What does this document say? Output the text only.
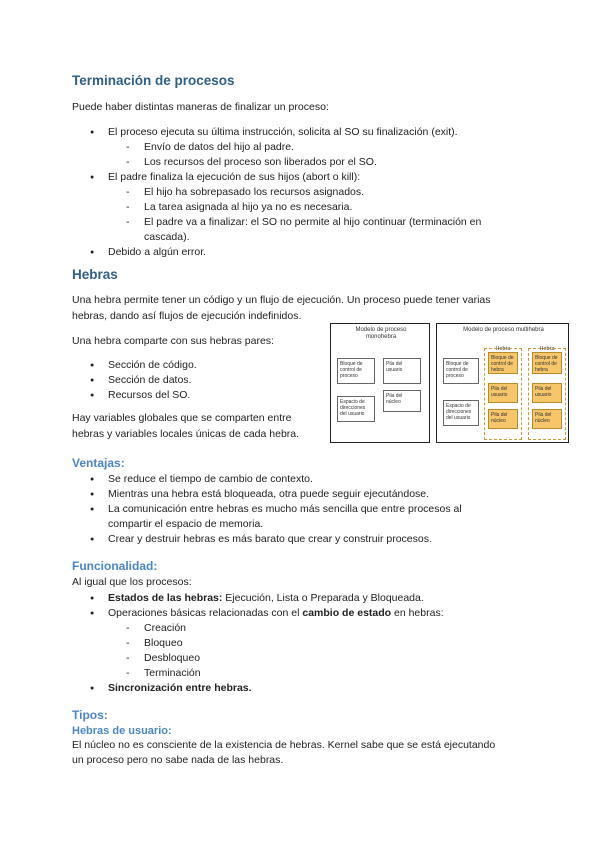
Terminación de procesos
Puede haber distintas maneras de finalizar un proceso:
● El proceso ejecuta su última instrucción, solicita al SO su finalización (exit).
- Envío de datos del hijo al padre.
- Los recursos del proceso son liberados por el SO.
● El padre finaliza la ejecución de sus hijos (abort o kill):
- El hijo ha sobrepasado los recursos asignados.
- La tarea asignada al hijo ya no es necesaria.
- El padre va a finalizar: el SO no permite al hijo continuar (terminación en
cascada).
● Debido a algún error.
Hebras
Una hebra permite tener un código y un flujo de ejecución. Un proceso puede tener varias
hebras, dando así flujos de ejecución indefinidos.
Una hebra comparte con sus hebras pares:
● Sección de código.
● Sección de datos.
● Recursos del SO.
Hay variables globales que se comparten entre
hebras y variables locales únicas de cada hebra.
Modelo de proceso
monohebra
Bloque de
control de
proceso
Pila del
usuario
Espacio de
direcciones
del usuario
Pila del
núcleo
Modelo de proceso multihebra
Bloque de
control de
proceso
Espacio de
direcciones
del usuario
Hebra
Bloque de
control de
hebra
Pila del
usuario
Pila del
núcleo
Hebra
Bloque de
control de
hebra
Pila del
usuario
Pila del
núcleo
Ventajas:
● Se reduce el tiempo de cambio de contexto.
● Mientras una hebra está bloqueada, otra puede seguir ejecutándose.
● La comunicación entre hebras es mucho más sencilla que entre procesos al
compartir el espacio de memoria.
● Crear y destruir hebras es más barato que crear y construir procesos.
Funcionalidad:
Al igual que los procesos:
● Estados de las hebras: Ejecución, Lista o Preparada y Bloqueada.
● Operaciones básicas relacionadas con el cambio de estado en hebras:
- Creación
- Bloqueo
- Desbloqueo
- Terminación
● Sincronización entre hebras.
Tipos:
Hebras de usuario:
El núcleo no es consciente de la existencia de hebras. Kernel sabe que se está ejecutando
un proceso pero no sabe nada de las hebras.
